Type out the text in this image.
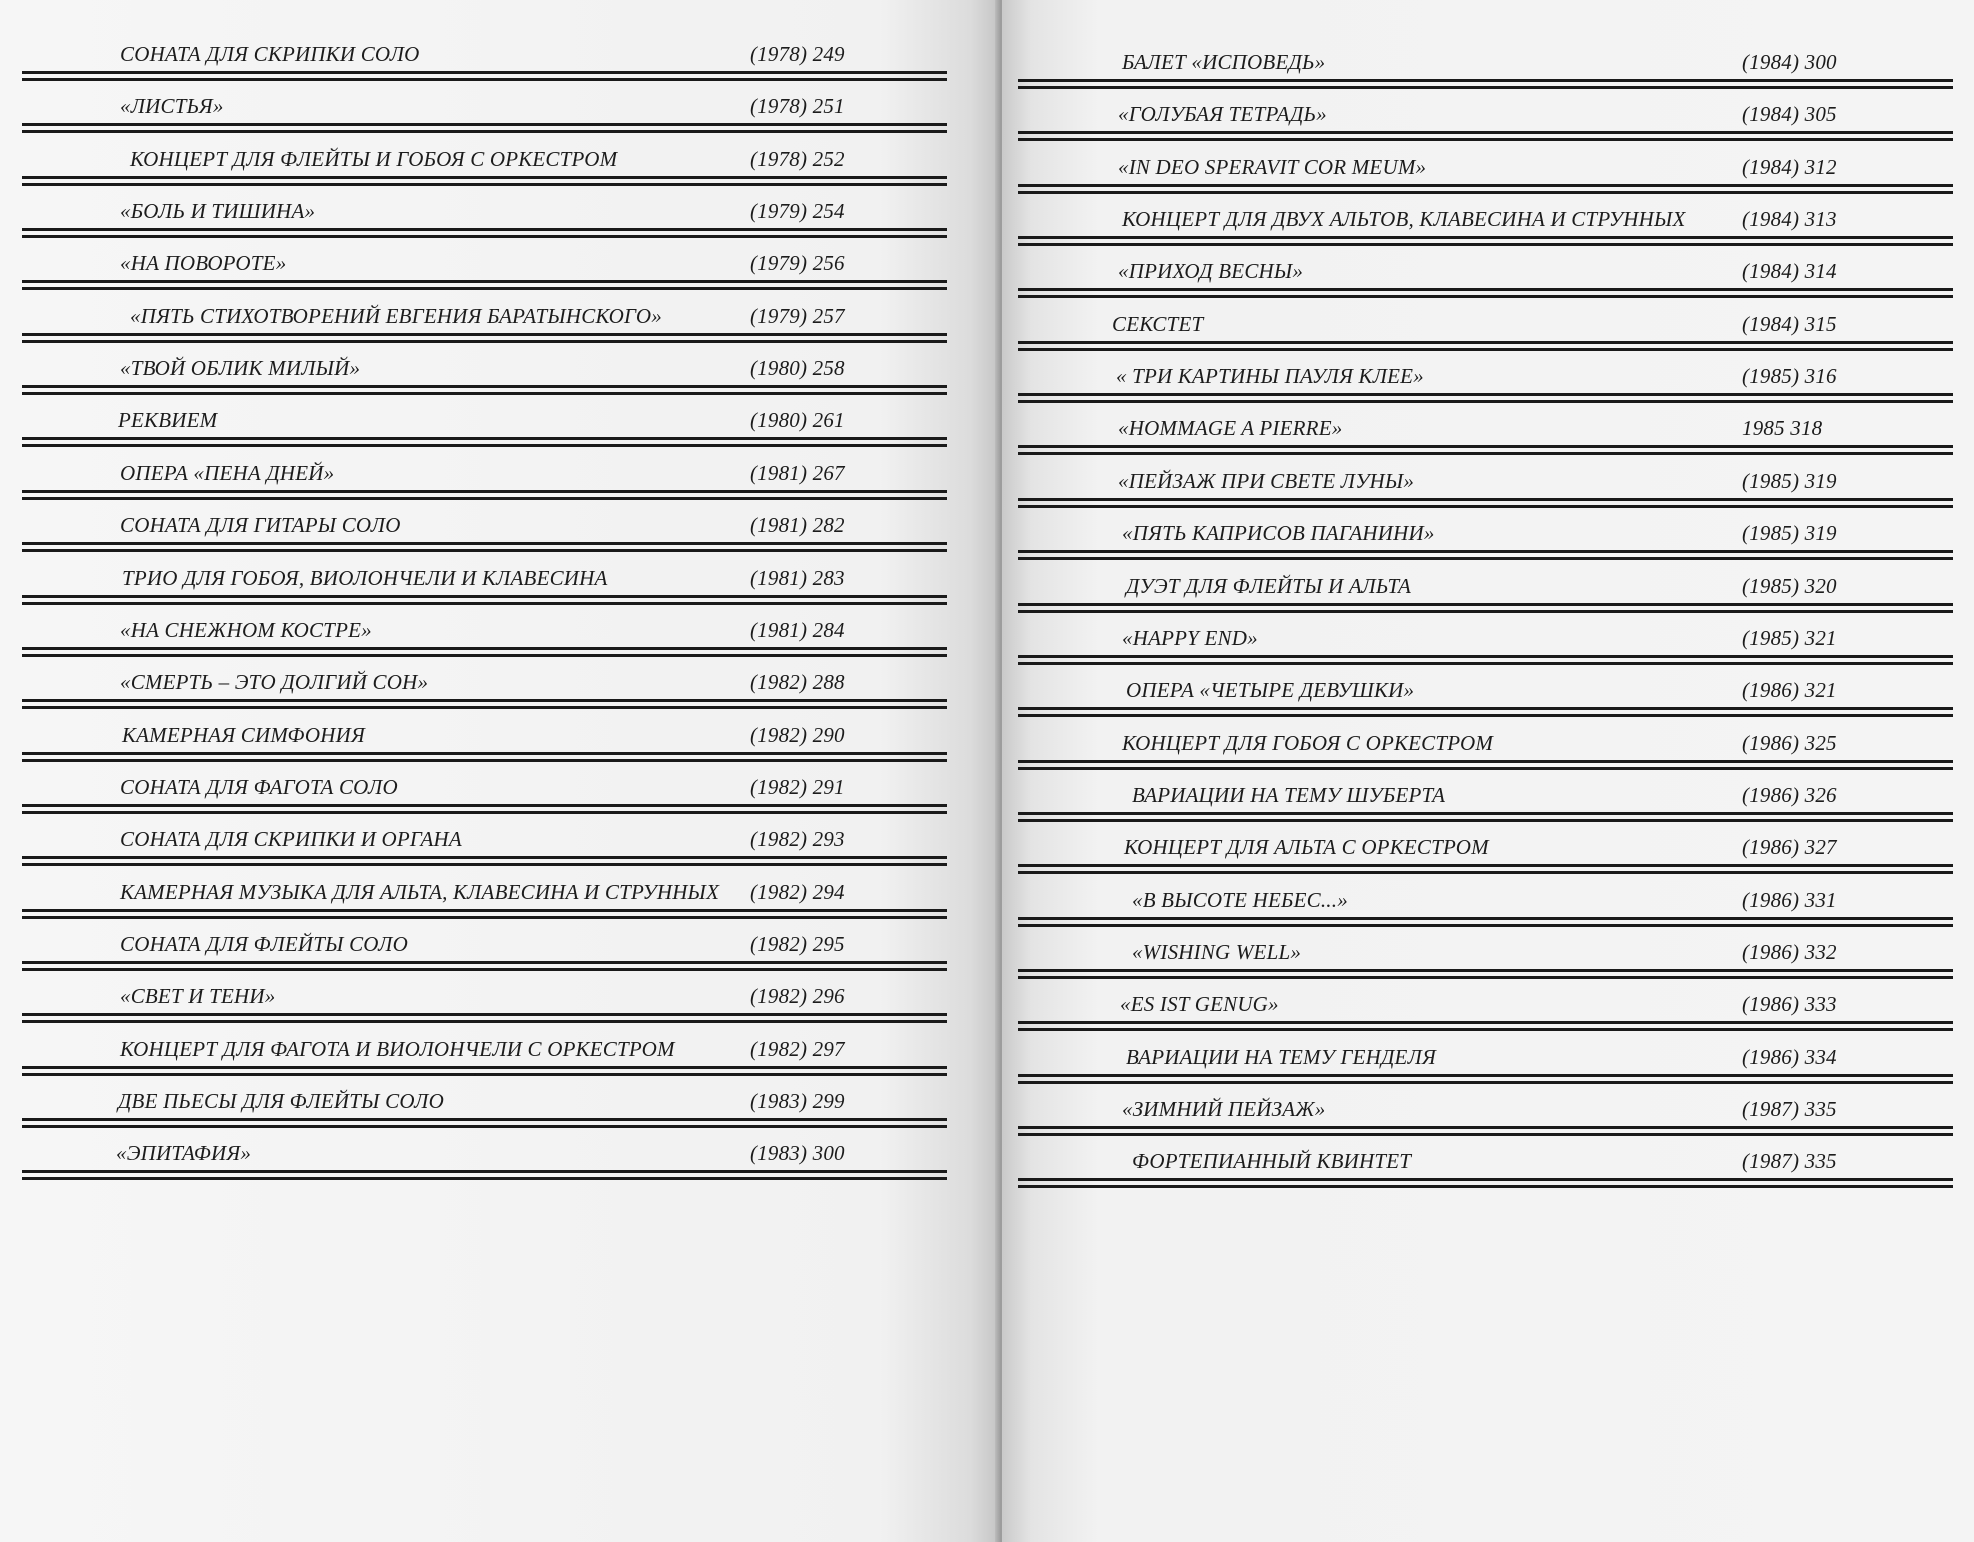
СОНАТА ДЛЯ СКРИПКИ СОЛО	(1978) 249
«ЛИСТЬЯ»	(1978) 251
КОНЦЕРТ ДЛЯ ФЛЕЙТЫ И ГОБОЯ С ОРКЕСТРОМ	(1978) 252
«БОЛЬ И ТИШИНА»	(1979) 254
«НА ПОВОРОТЕ»	(1979) 256
«ПЯТЬ СТИХОТВОРЕНИЙ ЕВГЕНИЯ БАРАТЫНСКОГО»	(1979) 257
«ТВОЙ ОБЛИК МИЛЫЙ»	(1980) 258
РЕКВИЕМ	(1980) 261
ОПЕРА «ПЕНА ДНЕЙ»	(1981) 267
СОНАТА ДЛЯ ГИТАРЫ СОЛО	(1981) 282
ТРИО ДЛЯ ГОБОЯ, ВИОЛОНЧЕЛИ И КЛАВЕСИНА	(1981) 283
«НА СНЕЖНОМ КОСТРЕ»	(1981) 284
«СМЕРТЬ – ЭТО ДОЛГИЙ СОН»	(1982) 288
КАМЕРНАЯ СИМФОНИЯ	(1982) 290
СОНАТА ДЛЯ ФАГОТА СОЛО	(1982) 291
СОНАТА ДЛЯ СКРИПКИ И ОРГАНА	(1982) 293
КАМЕРНАЯ МУЗЫКА ДЛЯ АЛЬТА, КЛАВЕСИНА И СТРУННЫХ (1982) 294
СОНАТА ДЛЯ ФЛЕЙТЫ СОЛО	(1982) 295
«СВЕТ И ТЕНИ»	(1982) 296
КОНЦЕРТ ДЛЯ ФАГОТА И ВИОЛОНЧЕЛИ С ОРКЕСТРОМ	(1982) 297
ДВЕ ПЬЕСЫ ДЛЯ ФЛЕЙТЫ СОЛО	(1983) 299
«ЭПИТАФИЯ»	(1983) 300
БАЛЕТ «ИСПОВЕДЬ»	(1984) 300
«ГОЛУБАЯ ТЕТРАДЬ»	(1984) 305
«IN DEO SPERAVIT COR MEUM»	(1984) 312
КОНЦЕРТ ДЛЯ ДВУХ АЛЬТОВ, КЛАВЕСИНА И СТРУННЫХ	(1984) 313
«ПРИХОД ВЕСНЫ»	(1984) 314
СЕКСТЕТ	(1984) 315
« ТРИ КАРТИНЫ ПАУЛЯ КЛЕЕ»	(1985) 316
«HOMMAGE A PIERRE»	1985 318
«ПЕЙЗАЖ ПРИ СВЕТЕ ЛУНЫ»	(1985) 319
«ПЯТЬ КАПРИСОВ ПАГАНИНИ»	(1985) 319
ДУЭТ ДЛЯ ФЛЕЙТЫ И АЛЬТА	(1985) 320
«HAPPY END»	(1985) 321
ОПЕРА «ЧЕТЫРЕ ДЕВУШКИ»	(1986) 321
КОНЦЕРТ ДЛЯ ГОБОЯ С ОРКЕСТРОМ	(1986) 325
ВАРИАЦИИ НА ТЕМУ ШУБЕРТА	(1986) 326
КОНЦЕРТ ДЛЯ АЛЬТА С ОРКЕСТРОМ	(1986) 327
«В ВЫСОТЕ НЕБЕС...»	(1986) 331
«WISHING WELL»	(1986) 332
«ES IST GENUG»	(1986) 333
ВАРИАЦИИ НА ТЕМУ ГЕНДЕЛЯ	(1986) 334
«ЗИМНИЙ ПЕЙЗАЖ»	(1987) 335
ФОРТЕПИАННЫЙ КВИНТЕТ	(1987) 335
